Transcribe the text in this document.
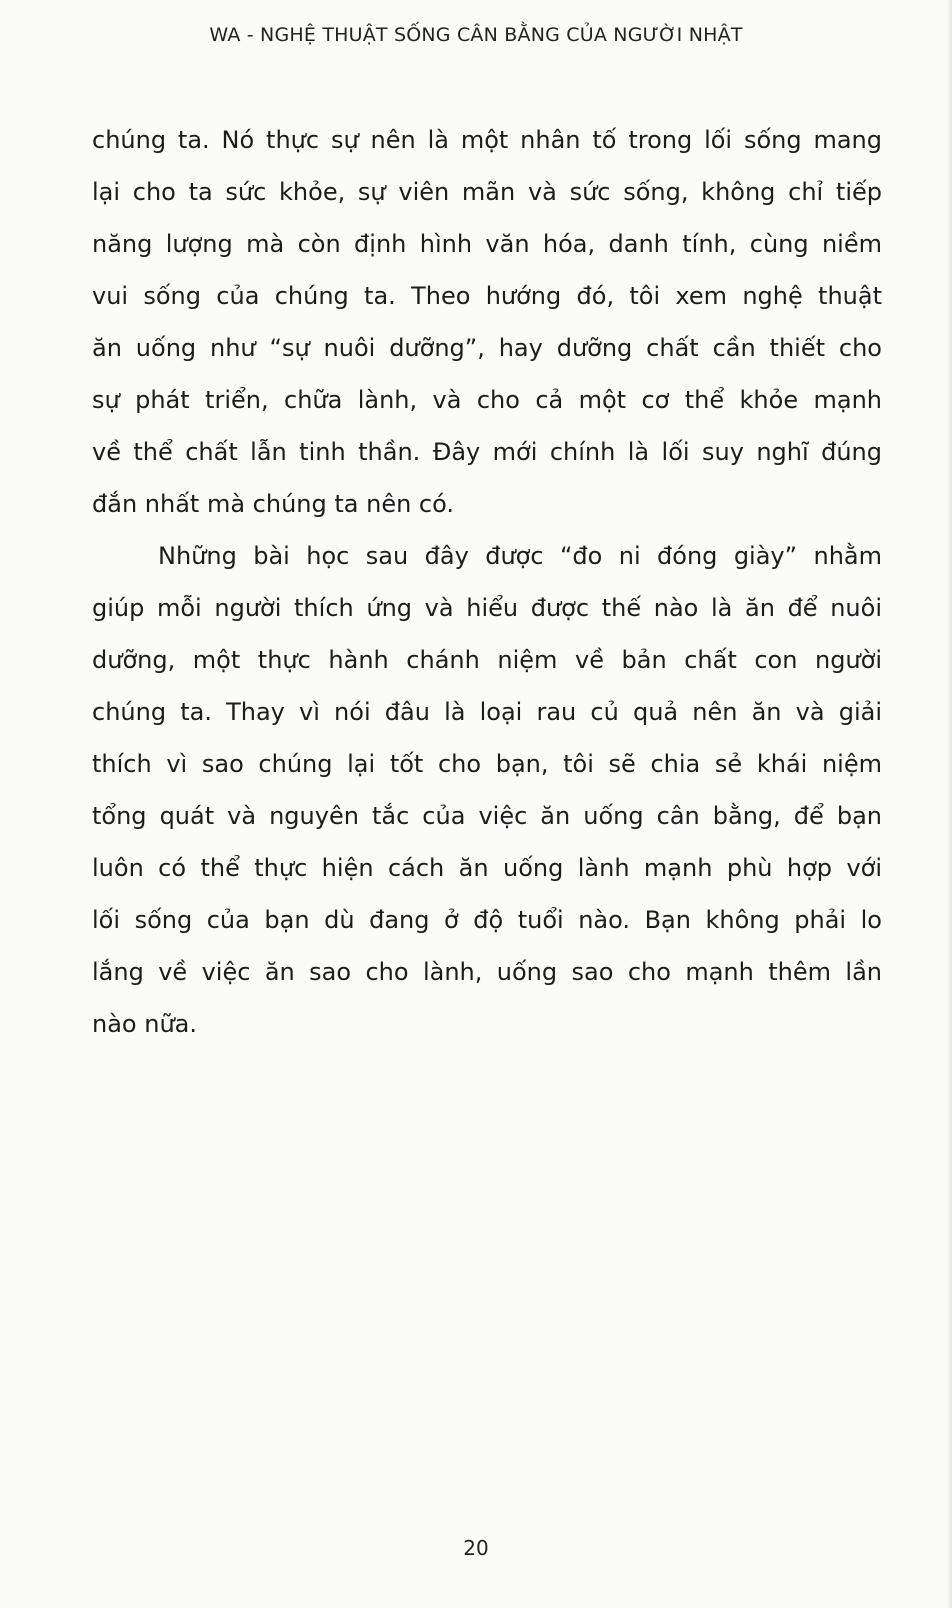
WA - NGHỆ THUẬT SỐNG CÂN BẰNG CỦA NGƯỜI NHẬT
chúng ta. Nó thực sự nên là một nhân tố trong lối sống mang
lại cho ta sức khỏe, sự viên mãn và sức sống, không chỉ tiếp
năng lượng mà còn định hình văn hóa, danh tính, cùng niềm
vui sống của chúng ta. Theo hướng đó, tôi xem nghệ thuật
ăn uống như “sự nuôi dưỡng”, hay dưỡng chất cần thiết cho
sự phát triển, chữa lành, và cho cả một cơ thể khỏe mạnh
về thể chất lẫn tinh thần. Đây mới chính là lối suy nghĩ đúng
đắn nhất mà chúng ta nên có.
Những bài học sau đây được “đo ni đóng giày” nhằm
giúp mỗi người thích ứng và hiểu được thế nào là ăn để nuôi
dưỡng, một thực hành chánh niệm về bản chất con người
chúng ta. Thay vì nói đâu là loại rau củ quả nên ăn và giải
thích vì sao chúng lại tốt cho bạn, tôi sẽ chia sẻ khái niệm
tổng quát và nguyên tắc của việc ăn uống cân bằng, để bạn
luôn có thể thực hiện cách ăn uống lành mạnh phù hợp với
lối sống của bạn dù đang ở độ tuổi nào. Bạn không phải lo
lắng về việc ăn sao cho lành, uống sao cho mạnh thêm lần
nào nữa.
20
